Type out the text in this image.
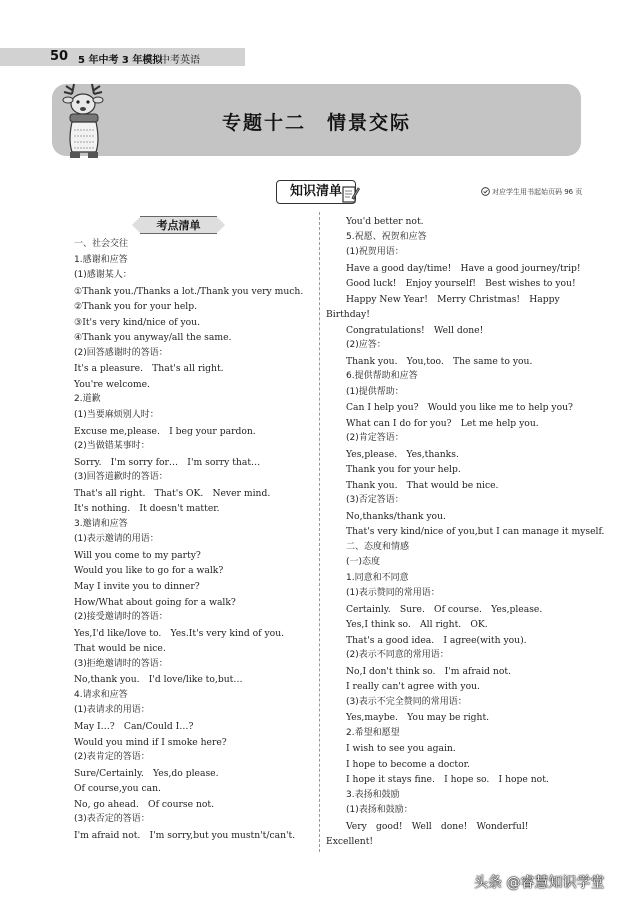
50 5 年中考 3 年模拟
中考英语
专题十二　情景交际
知识清单	对应学生用书起始页码 96 页
考点清单
一、社会交往
1.感谢和应答
(1)感谢某人：
①Thank you./Thanks a lot./Thank you very much.
②Thank you for your help.
③It's very kind/nice of you.
④Thank you anyway/all the same.
(2)回答感谢时的答语：
It's a pleasure.　That's all right.
You're welcome.
2.道歉
(1)当要麻烦别人时：
Excuse me,please.　I beg your pardon.
(2)当做错某事时：
Sorry.　I'm sorry for…　I'm sorry that…
(3)回答道歉时的答语：
That's all right.　That's OK.　Never mind.
It's nothing.　It doesn't matter.
3.邀请和应答
(1)表示邀请的用语：
Will you come to my party?
Would you like to go for a walk?
May I invite you to dinner?
How/What about going for a walk?
(2)接受邀请时的答语：
Yes,I'd like/love to.　Yes.It's very kind of you.
That would be nice.
(3)拒绝邀请时的答语：
No,thank you.　I'd love/like to,but…
4.请求和应答
(1)表请求的用语：
May I…?　Can/Could I…?
Would you mind if I smoke here?
(2)表肯定的答语：
Sure/Certainly.　Yes,do please.
Of course,you can.
No, go ahead.　Of course not.
(3)表否定的答语：
I'm afraid not.　I'm sorry,but you mustn't/can't.
You'd better not.
5.祝愿、祝贺和应答
(1)祝贺用语：
Have a good day/time!　Have a good journey/trip!
Good luck!　Enjoy yourself!　Best wishes to you!
Happy New Year!　Merry Christmas!　Happy
Birthday!
Congratulations!　Well done!
(2)应答：
Thank you.　You,too.　The same to you.
6.提供帮助和应答
(1)提供帮助：
Can I help you?　Would you like me to help you?
What can I do for you?　Let me help you.
(2)肯定答语：
Yes,please.　Yes,thanks.
Thank you for your help.
Thank you.　That would be nice.
(3)否定答语：
No,thanks/thank you.
That's very kind/nice of you,but I can manage it myself.
二、态度和情感
(一)态度
1.同意和不同意
(1)表示赞同的常用语：
Certainly.　Sure.　Of course.　Yes,please.
Yes,I think so.　All right.　OK.
That's a good idea.　I agree(with you).
(2)表示不同意的常用语：
No,I don't think so.　I'm afraid not.
I really can't agree with you.
(3)表示不完全赞同的常用语：
Yes,maybe.　You may be right.
2.希望和愿望
I wish to see you again.
I hope to become a doctor.
I hope it stays fine.　I hope so.　I hope not.
3.表扬和鼓励
(1)表扬和鼓励：
Very　good!　Well　done!　Wonderful!
Excellent!
头条 @睿慧知识学堂
